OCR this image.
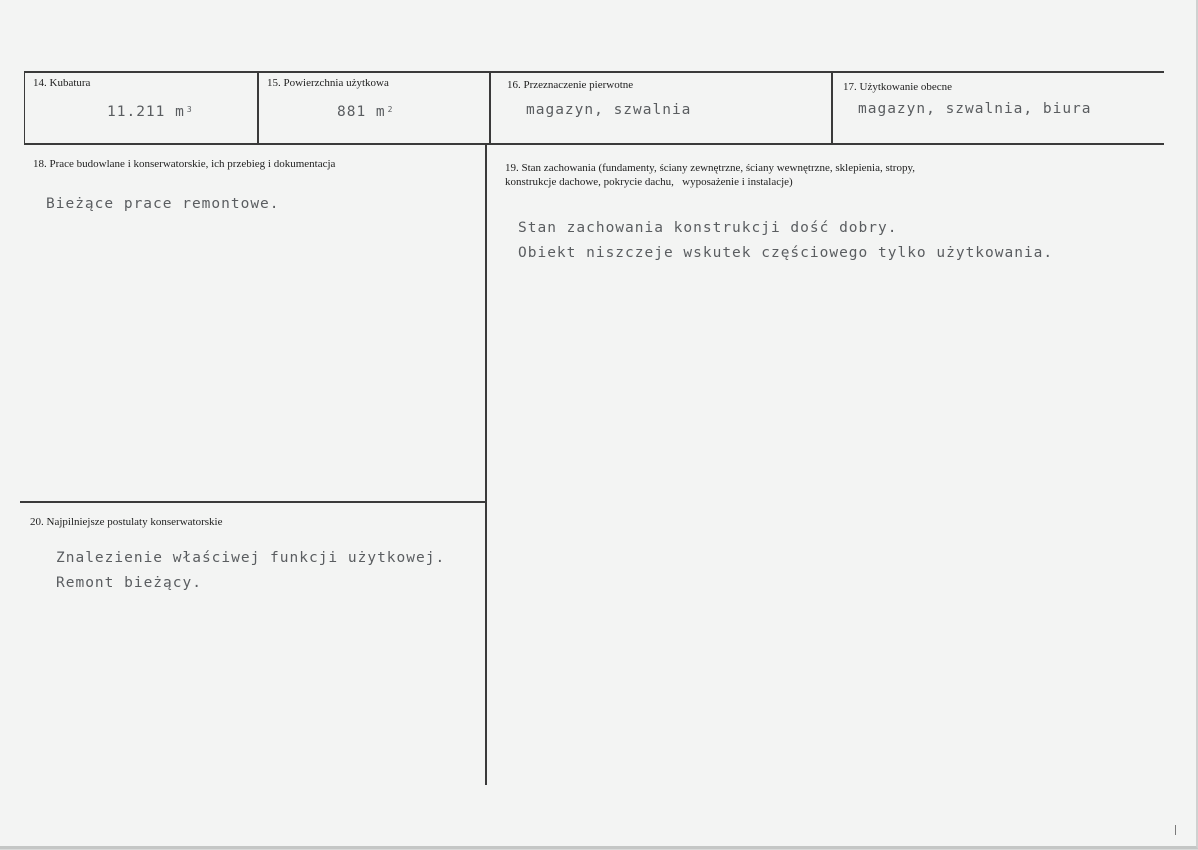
14. Kubatura
11.211 m $^3$
15. Powierzchnia użytkowa
881 m $^2$
16. Przeznaczenie pierwotne
magazyn, szwalnia
17. Użytkowanie obecne
magazyn, szwalnia, biura
18. Prace budowlane i konserwatorskie, ich przebieg i dokumentacja
Bieżące prace remontowe.
19. Stan zachowania (fundamenty, ściany zewnętrzne, ściany wewnętrzne, sklepienia, stropy,
konstrukcje dachowe, pokrycie dachu,   wyposażenie i instalacje)
Stan zachowania konstrukcji dość dobry.
Obiekt niszczeje wskutek częściowego tylko użytkowania.
20. Najpilniejsze postulaty konserwatorskie
Znalezienie właściwej funkcji użytkowej.
Remont bieżący.
